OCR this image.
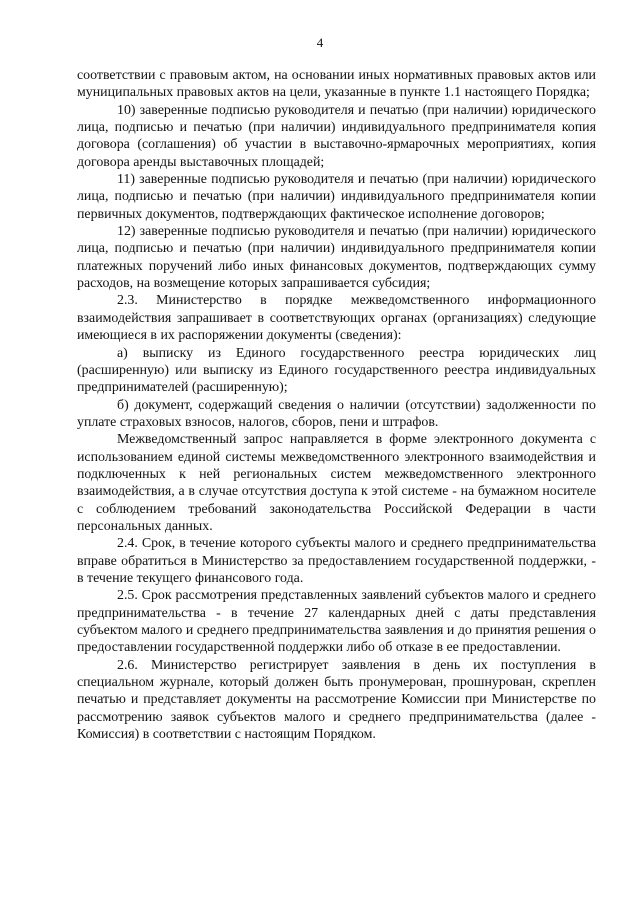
4

соответствии с правовым актом, на основании иных нормативных правовых актов или муниципальных правовых актов на цели, указанные в пункте 1.1 настоящего Порядка;

10) заверенные подписью руководителя и печатью (при наличии) юридического лица, подписью и печатью (при наличии) индивидуального предпринимателя копия договора (соглашения) об участии в выставочно-ярмарочных мероприятиях, копия договора аренды выставочных площадей;

11) заверенные подписью руководителя и печатью (при наличии) юридического лица, подписью и печатью (при наличии) индивидуального предпринимателя копии первичных документов, подтверждающих фактическое исполнение договоров;

12) заверенные подписью руководителя и печатью (при наличии) юридического лица, подписью и печатью (при наличии) индивидуального предпринимателя копии платежных поручений либо иных финансовых документов, подтверждающих сумму расходов, на возмещение которых запрашивается субсидия;

2.3. Министерство в порядке межведомственного информационного взаимодействия запрашивает в соответствующих органах (организациях) следующие имеющиеся в их распоряжении документы (сведения):

а) выписку из Единого государственного реестра юридических лиц (расширенную) или выписку из Единого государственного реестра индивидуальных предпринимателей (расширенную);

б) документ, содержащий сведения о наличии (отсутствии) задолженности по уплате страховых взносов, налогов, сборов, пени и штрафов.

Межведомственный запрос направляется в форме электронного документа с использованием единой системы межведомственного электронного взаимодействия и подключенных к ней региональных систем межведомственного электронного взаимодействия, а в случае отсутствия доступа к этой системе - на бумажном носителе с соблюдением требований законодательства Российской Федерации в части персональных данных.

2.4. Срок, в течение которого субъекты малого и среднего предпринимательства вправе обратиться в Министерство за предоставлением государственной поддержки, - в течение текущего финансового года.

2.5. Срок рассмотрения представленных заявлений субъектов малого и среднего предпринимательства - в течение 27 календарных дней с даты представления субъектом малого и среднего предпринимательства заявления и до принятия решения о предоставлении государственной поддержки либо об отказе в ее предоставлении.

2.6. Министерство регистрирует заявления в день их поступления в специальном журнале, который должен быть пронумерован, прошнурован, скреплен печатью и представляет документы на рассмотрение Комиссии при Министерстве по рассмотрению заявок субъектов малого и среднего предпринимательства (далее - Комиссия) в соответствии с настоящим Порядком.
